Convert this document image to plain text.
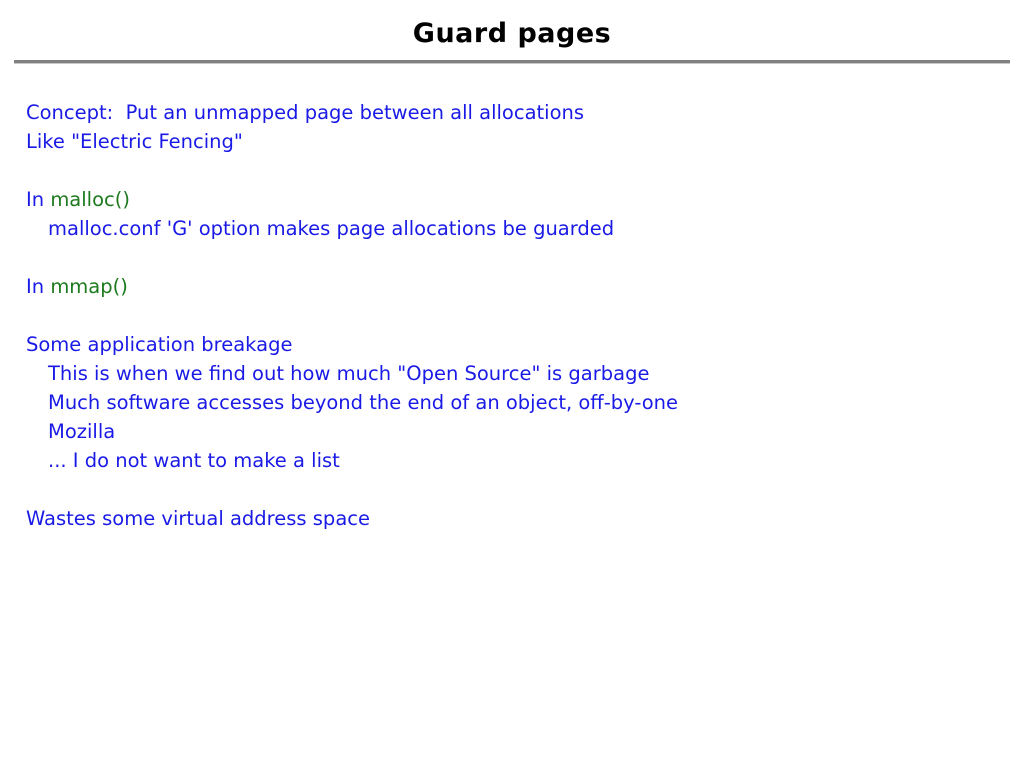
Guard pages
Concept:  Put an unmapped page between all allocations
Like "Electric Fencing"
In malloc()
malloc.conf 'G' option makes page allocations be guarded
In mmap()
Some application breakage
This is when we find out how much "Open Source" is garbage
Much software accesses beyond the end of an object, off-by-one
Mozilla
... I do not want to make a list
Wastes some virtual address space
